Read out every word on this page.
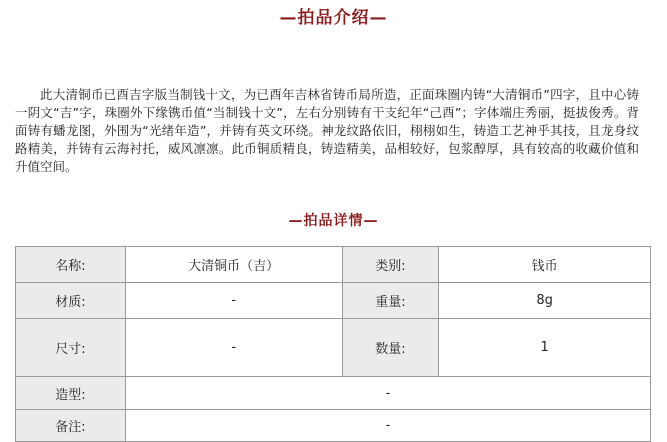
—拍品介绍—

此大清铜币已酉吉字版当制钱十文，为已酉年吉林省铸币局所造，正面珠圈内铸“大清铜币”四字，且中心铸一阴文“吉”字，珠圈外下缘镌币值“当制钱十文”，左右分别铸有干支纪年“己酉”；字体端庄秀丽，挺拔俊秀。背面铸有蟠龙图，外围为“光绪年造”，并铸有英文环绕。神龙纹路依旧，栩栩如生，铸造工艺神乎其技，且龙身纹路精美，并铸有云海衬托，威风凛凛。此币铜质精良，铸造精美，品相较好，包浆醇厚，具有较高的收藏价值和升值空间。

—拍品详情—
名称:	大清铜币（吉）	类别:	钱币
材质:	-	重量:	8g
尺寸:	-	数量:	1
造型:	-		
备注:	-		
